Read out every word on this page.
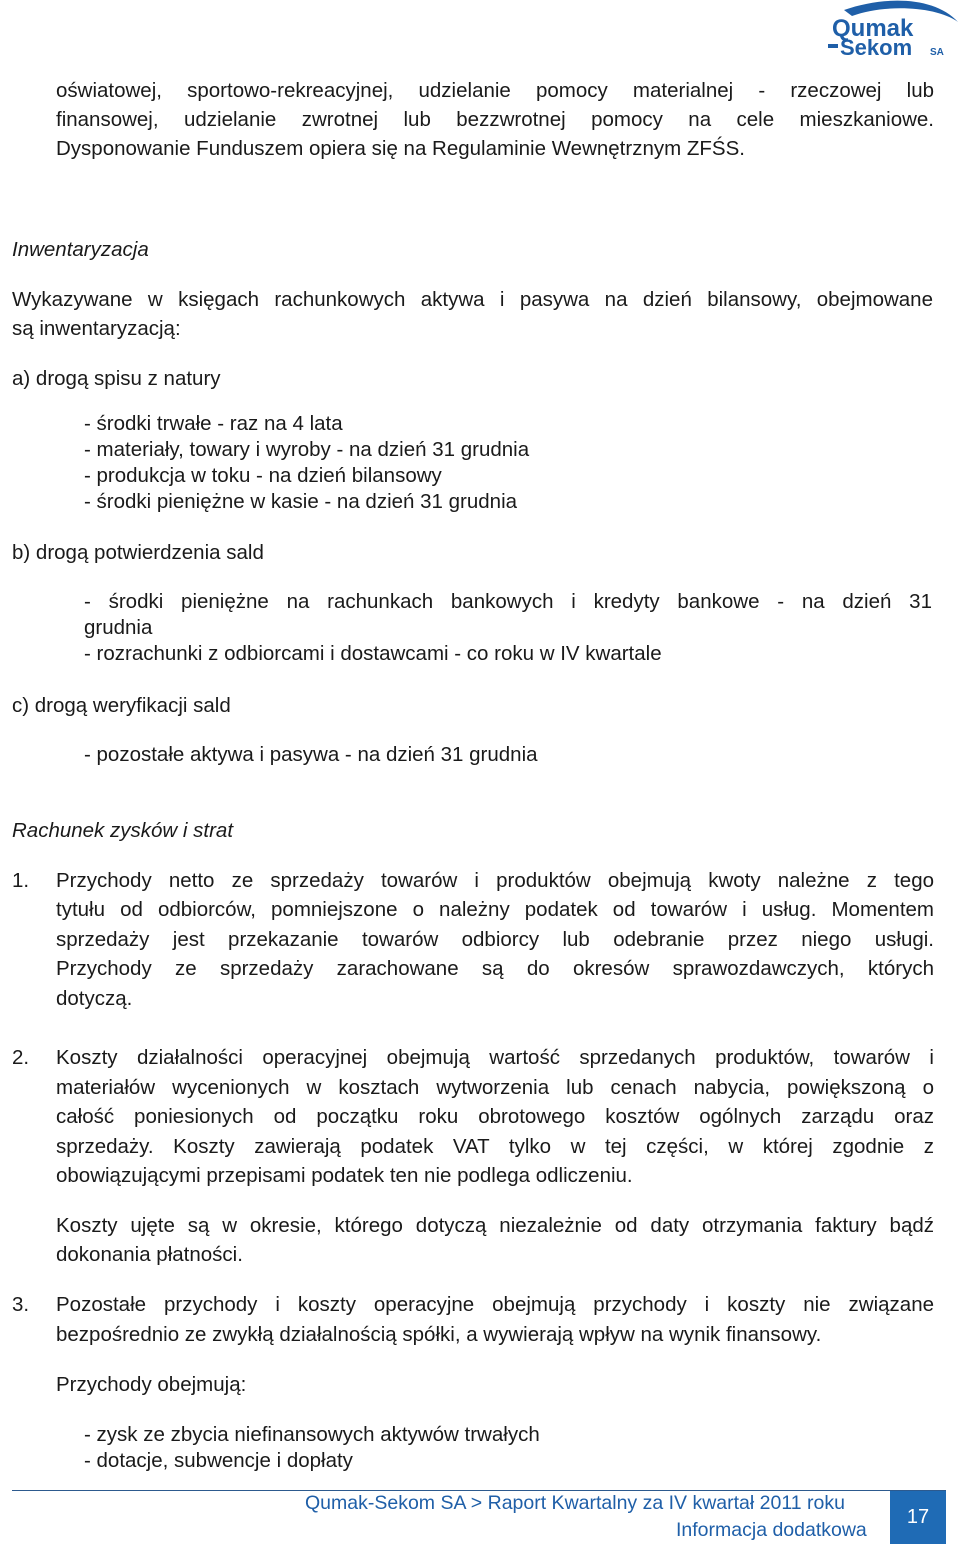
Qumak
Sekom SA
oświatowej, sportowo-rekreacyjnej, udzielanie pomocy materialnej - rzeczowej lub
finansowej, udzielanie zwrotnej lub bezzwrotnej pomocy na cele mieszkaniowe.
Dysponowanie Funduszem opiera się na Regulaminie Wewnętrznym ZFŚS.
Inwentaryzacja
Wykazywane w księgach rachunkowych aktywa i pasywa na dzień bilansowy, obejmowane
są inwentaryzacją:
a) drogą spisu z natury
- środki trwałe - raz na 4 lata
- materiały, towary i wyroby - na dzień 31 grudnia
- produkcja w toku - na dzień bilansowy
- środki pieniężne w kasie - na dzień 31 grudnia
b) drogą potwierdzenia sald
- środki pieniężne na rachunkach bankowych i kredyty bankowe - na dzień 31
grudnia
- rozrachunki z odbiorcami i dostawcami - co roku w IV kwartale
c) drogą weryfikacji sald
- pozostałe aktywa i pasywa - na dzień 31 grudnia
Rachunek zysków i strat
1. Przychody netto ze sprzedaży towarów i produktów obejmują kwoty należne z tego
tytułu od odbiorców, pomniejszone o należny podatek od towarów i usług. Momentem
sprzedaży jest przekazanie towarów odbiorcy lub odebranie przez niego usługi.
Przychody ze sprzedaży zarachowane są do okresów sprawozdawczych, których
dotyczą.
2. Koszty działalności operacyjnej obejmują wartość sprzedanych produktów, towarów i
materiałów wycenionych w kosztach wytworzenia lub cenach nabycia, powiększoną o
całość poniesionych od początku roku obrotowego kosztów ogólnych zarządu oraz
sprzedaży. Koszty zawierają podatek VAT tylko w tej części, w której zgodnie z
obowiązującymi przepisami podatek ten nie podlega odliczeniu.
Koszty ujęte są w okresie, którego dotyczą niezależnie od daty otrzymania faktury bądź
dokonania płatności.
3. Pozostałe przychody i koszty operacyjne obejmują przychody i koszty nie związane
bezpośrednio ze zwykłą działalnością spółki, a wywierają wpływ na wynik finansowy.
Przychody obejmują:
- zysk ze zbycia niefinansowych aktywów trwałych
- dotacje, subwencje i dopłaty
Qumak-Sekom SA > Raport Kwartalny za IV kwartał 2011 roku
Informacja dodatkowa
17
